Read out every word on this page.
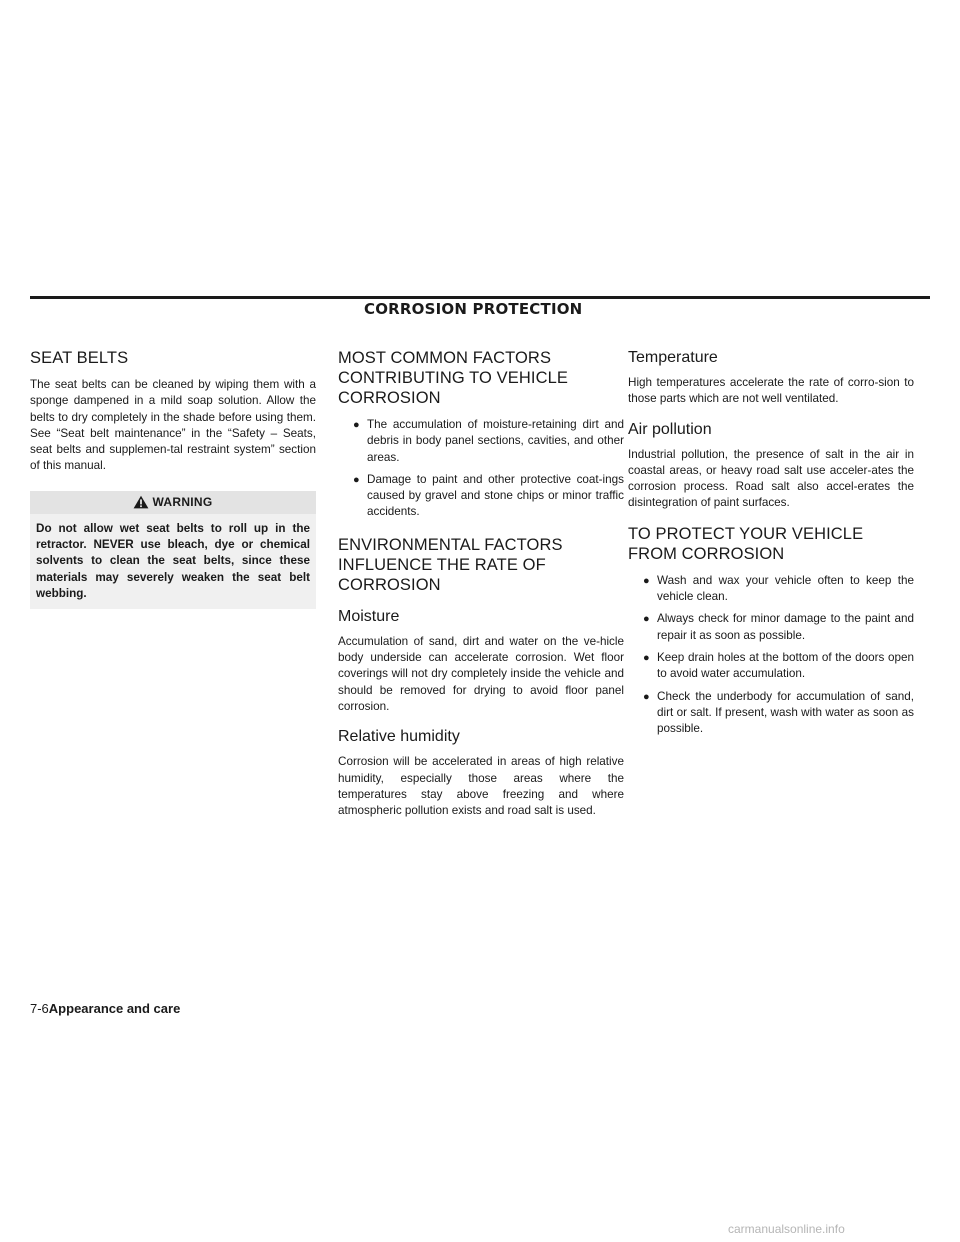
CORROSION PROTECTION
SEAT BELTS

The seat belts can be cleaned by wiping them with a sponge dampened in a mild soap solution. Allow the belts to dry completely in the shade before using them. See “Seat belt maintenance” in the “Safety – Seats, seat belts and supplemen-tal restraint system” section of this manual.

WARNING
Do not allow wet seat belts to roll up in the retractor. NEVER use bleach, dye or chemical solvents to clean the seat belts, since these materials may severely weaken the seat belt webbing.
MOST COMMON FACTORS CONTRIBUTING TO VEHICLE CORROSION
● The accumulation of moisture-retaining dirt and debris in body panel sections, cavities, and other areas.
● Damage to paint and other protective coat-ings caused by gravel and stone chips or minor traffic accidents.
ENVIRONMENTAL FACTORS INFLUENCE THE RATE OF CORROSION
Moisture

Accumulation of sand, dirt and water on the ve-hicle body underside can accelerate corrosion. Wet floor coverings will not dry completely inside the vehicle and should be removed for drying to avoid floor panel corrosion.

Relative humidity

Corrosion will be accelerated in areas of high relative humidity, especially those areas where the temperatures stay above freezing and where atmospheric pollution exists and road salt is used.

Temperature

High temperatures accelerate the rate of corro-sion to those parts which are not well ventilated.

Air pollution

Industrial pollution, the presence of salt in the air in coastal areas, or heavy road salt use acceler-ates the corrosion process. Road salt also accel-erates the disintegration of paint surfaces.

TO PROTECT YOUR VEHICLE FROM CORROSION
● Wash and wax your vehicle often to keep the vehicle clean.
● Always check for minor damage to the paint and repair it as soon as possible.
● Keep drain holes at the bottom of the doors open to avoid water accumulation.
● Check the underbody for accumulation of sand, dirt or salt. If present, wash with water as soon as possible.
7-6Appearance and care
carmanualsonline.info
